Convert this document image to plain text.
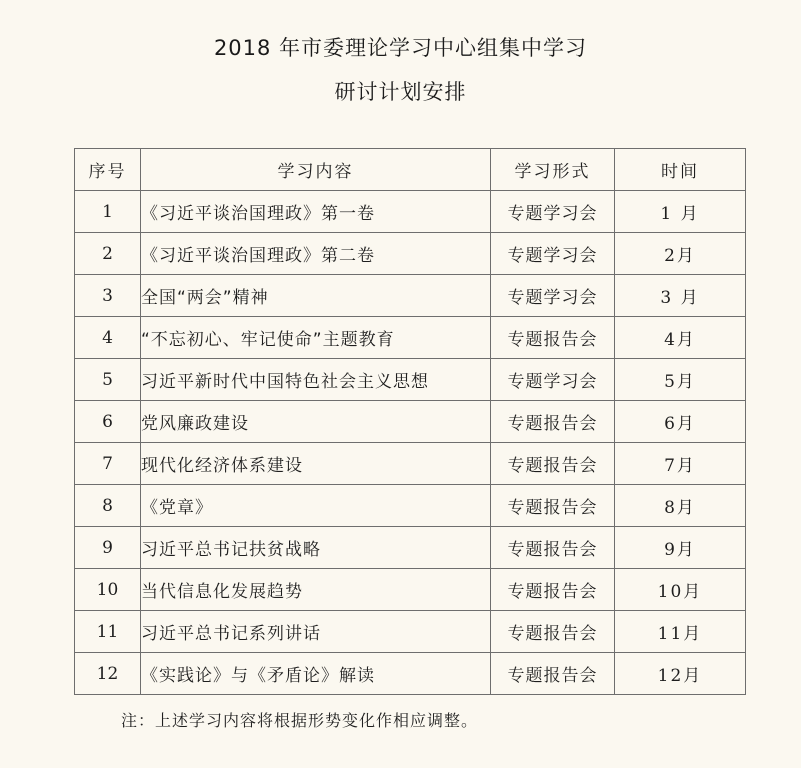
2018 年市委理论学习中心组集中学习
研讨计划安排
序号	学习内容	学习形式	时间
1	《习近平谈治国理政》第一卷	专题学习会	1 月
2	《习近平谈治国理政》第二卷	专题学习会	2月
3	全国“两会”精神	专题学习会	3 月
4	“不忘初心、牢记使命”主题教育	专题报告会	4月
5	习近平新时代中国特色社会主义思想	专题学习会	5月
6	党风廉政建设	专题报告会	6月
7	现代化经济体系建设	专题报告会	7月
8	《党章》	专题报告会	8月
9	习近平总书记扶贫战略	专题报告会	9月
10	当代信息化发展趋势	专题报告会	10月
11	习近平总书记系列讲话	专题报告会	11月
12	《实践论》与《矛盾论》解读	专题报告会	12月
注：上述学习内容将根据形势变化作相应调整。
